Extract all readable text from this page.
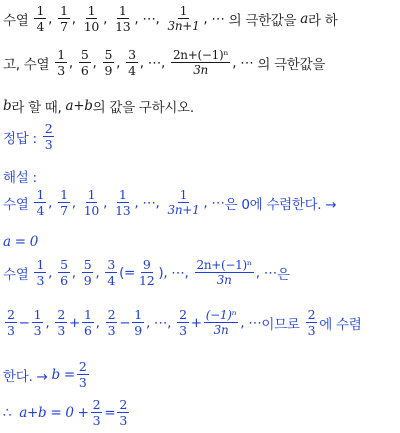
수열 $\frac{1}{4}$ , $\frac{1}{7}$ , $\frac{1}{10}$ , $\frac{1}{13}$ , ⋯, $\frac{1}{3n+1}$ , ⋯ 의 극한값을
a 라 하
고, 수열 $\frac{1}{3}$ , $\frac{5}{6}$ , $\frac{5}{9}$ , $\frac{3}{4}$ , ⋯, $\frac{\text{2n+(−1)ⁿ}}{3n}$ , ⋯ 의 극한값을
b 라 할 때,
a+b 의 값을 구하시오.
정답 : $\frac{2}{3}$
해설 :
수열 $\frac{1}{4}$ , $\frac{1}{7}$ , $\frac{1}{10}$ , $\frac{1}{13}$ , ⋯, $\frac{1}{3n+1}$ , ⋯ 은 0에 수렴한다. →
a = 0
수열 $\frac{1}{3}$ , $\frac{5}{6}$ , $\frac{5}{9}$ , $\frac{3}{4}$ (= $\frac{9}{12}$ ), ⋯, $\frac{\text{2n+(−1)ⁿ}}{3n}$ , ⋯ 은
$\frac{2}{3} - \frac{1}{3}$ , $\frac{2}{3} + \frac{1}{6}$ , $\frac{2}{3} - \frac{1}{9}$ , ⋯, $\frac{2}{3} + \frac{\text{(−1)ⁿ}}{3n}$ , ⋯ 이므로
$\frac{2}{3}$ 에 수렴
한다. →
$b = \frac{2}{3}$
∴
$a+b = 0 + \frac{2}{3} = \frac{2}{3}$
